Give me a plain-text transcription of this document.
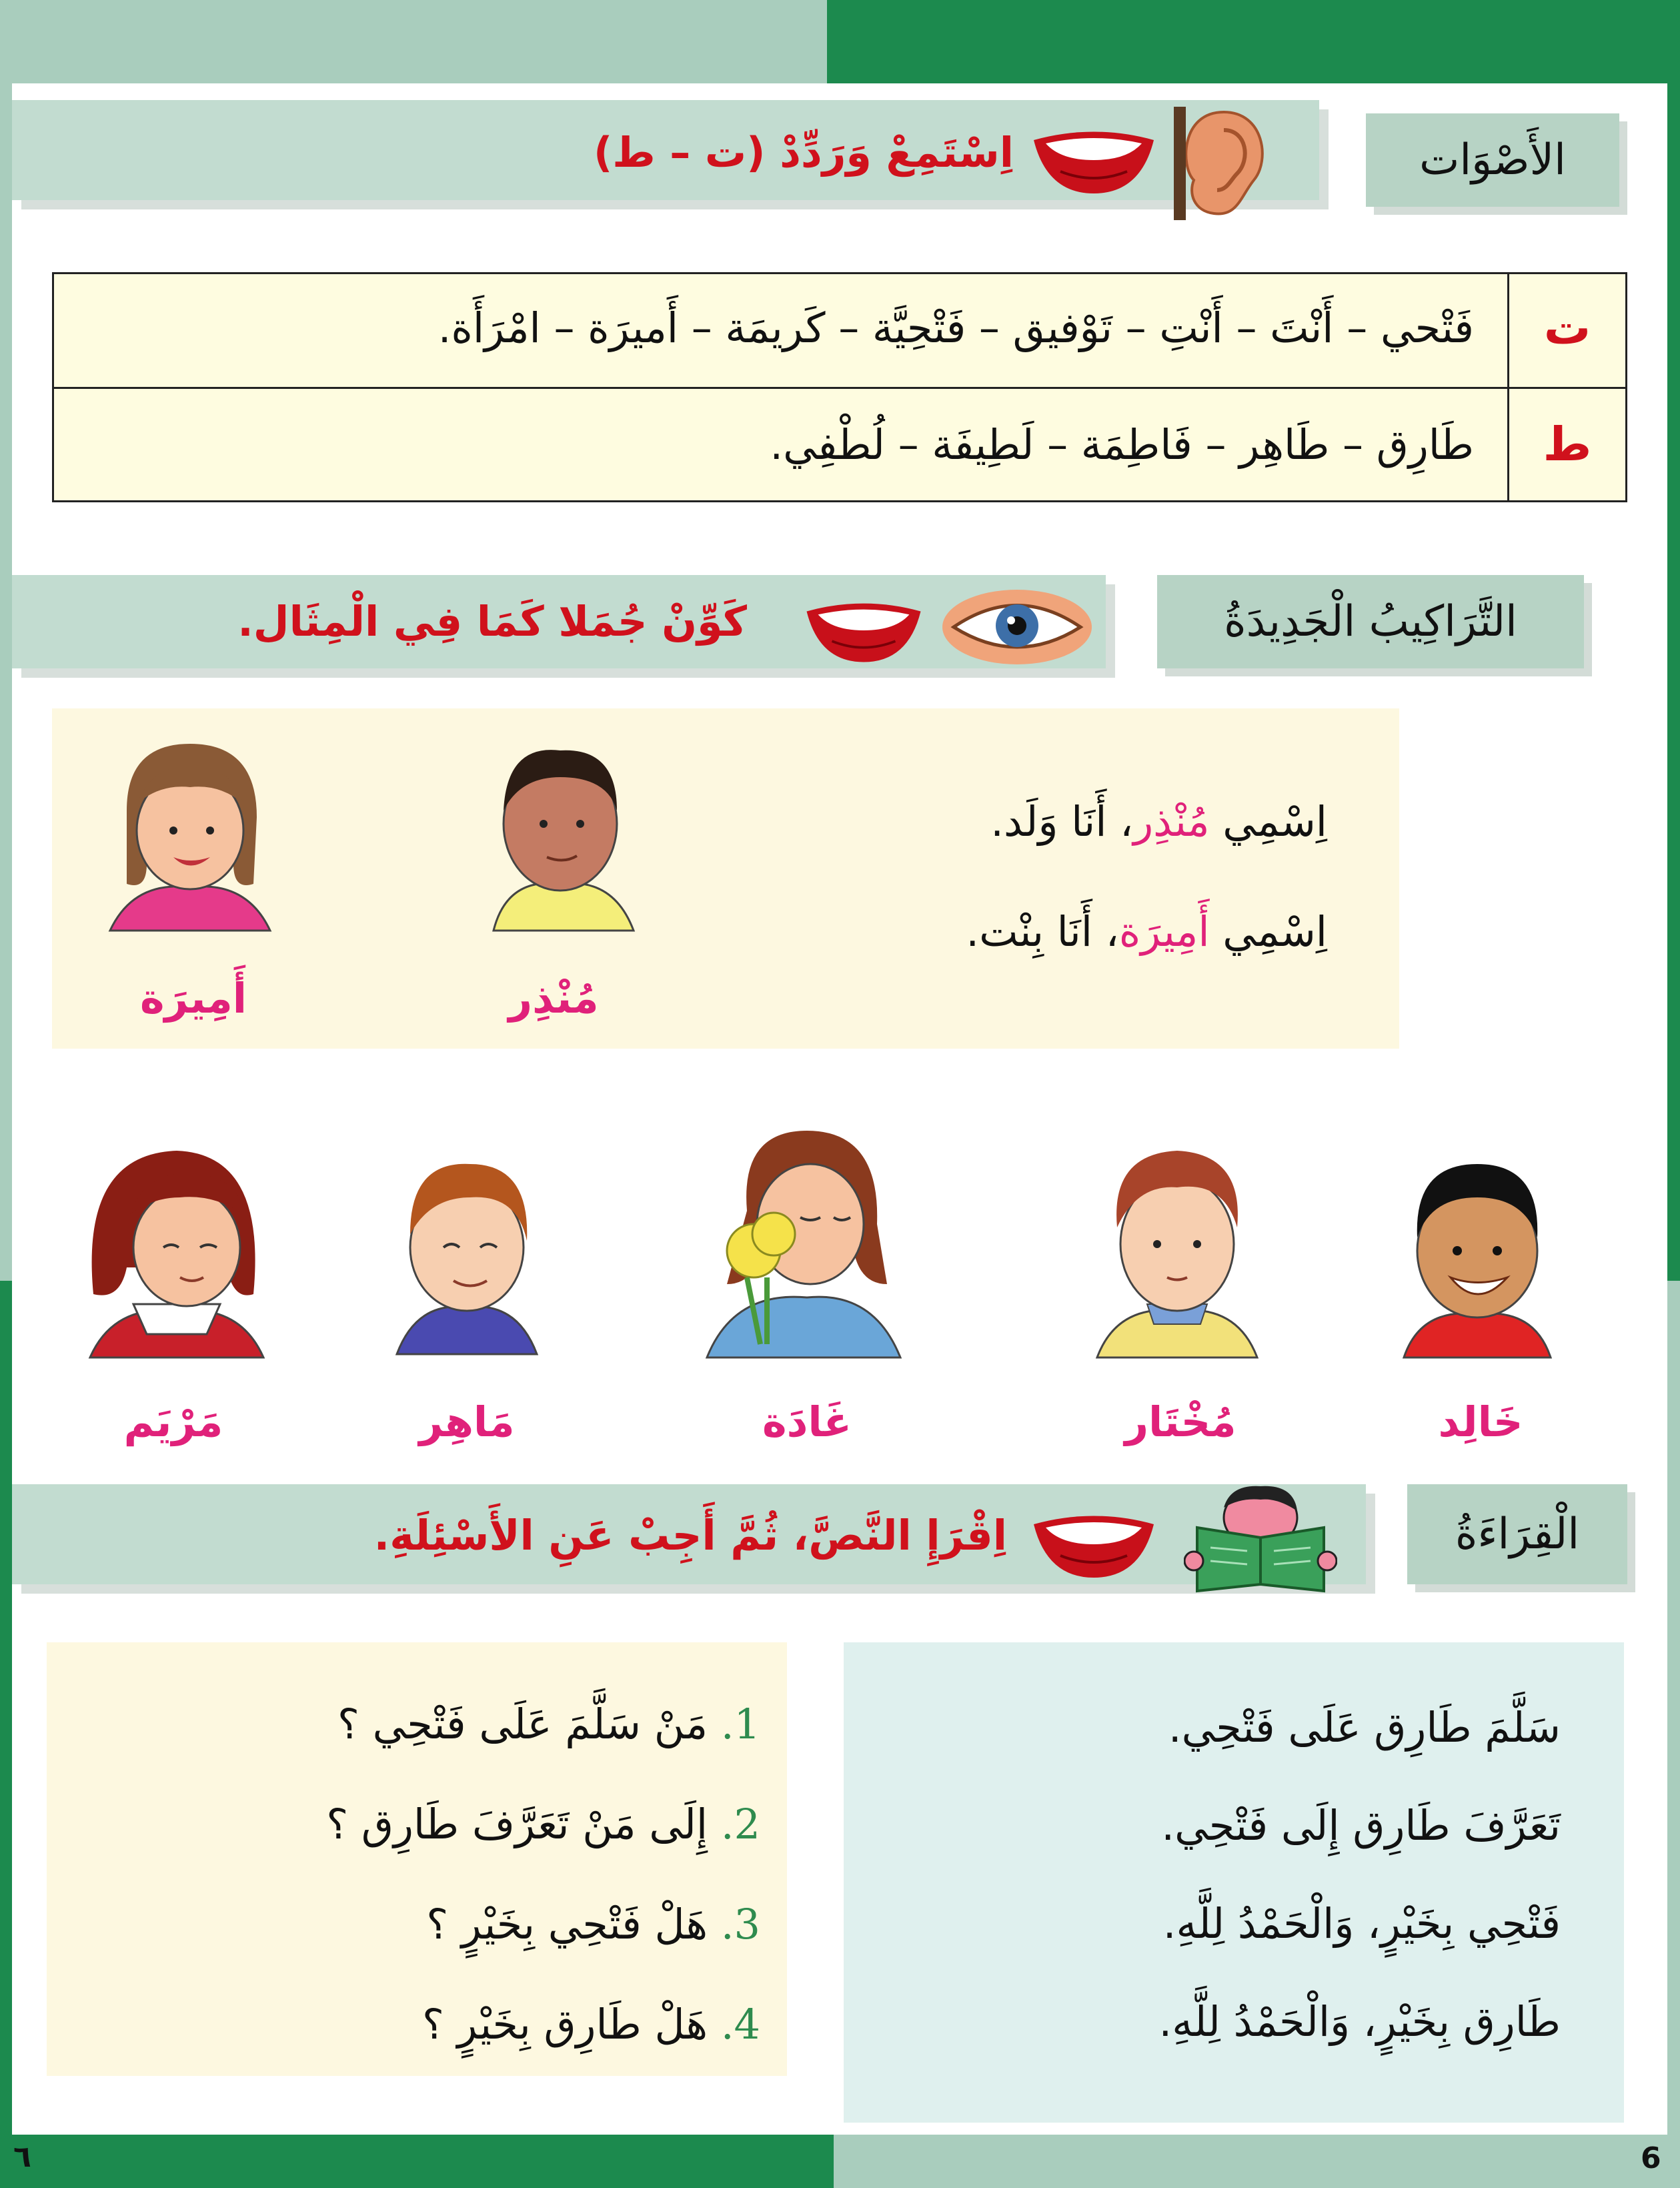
الأَصْوَات
اِسْتَمِعْ وَرَدِّدْ (ت – ط)
ت
فَتْحي – أَنْتَ – أَنْتِ – تَوْفيق – فَتْحِيَّة – كَريمَة – أَميرَة – امْرَأَة.
ط
طَارِق – طَاهِر – فَاطِمَة – لَطِيفَة – لُطْفِي.
التَّرَاكِيبُ الْجَدِيدَةُ
كَوِّنْ جُمَلا كَمَا فِي الْمِثَال.
اِسْمِي مُنْذِر، أَنَا وَلَد.
اِسْمِي أَمِيرَة، أَنَا بِنْت.
مُنْذِر
أَمِيرَة
خَالِد
مُخْتَار
غَادَة
مَاهِر
مَرْيَم
الْقِرَاءَةُ
اِقْرَإِ النَّصَّ، ثُمَّ أَجِبْ عَنِ الأَسْئِلَةِ.
سَلَّمَ طَارِق عَلَى فَتْحِي.
تَعَرَّفَ طَارِق إِلَى فَتْحِي.
فَتْحِي بِخَيْرٍ، وَالْحَمْدُ لِلَّهِ.
طَارِق بِخَيْرٍ، وَالْحَمْدُ لِلَّهِ.
1. مَنْ سَلَّمَ عَلَى فَتْحِي ؟
2. إِلَى مَنْ تَعَرَّفَ طَارِق ؟
3. هَلْ فَتْحِي بِخَيْرٍ ؟
4. هَلْ طَارِق بِخَيْرٍ ؟
٦	6
